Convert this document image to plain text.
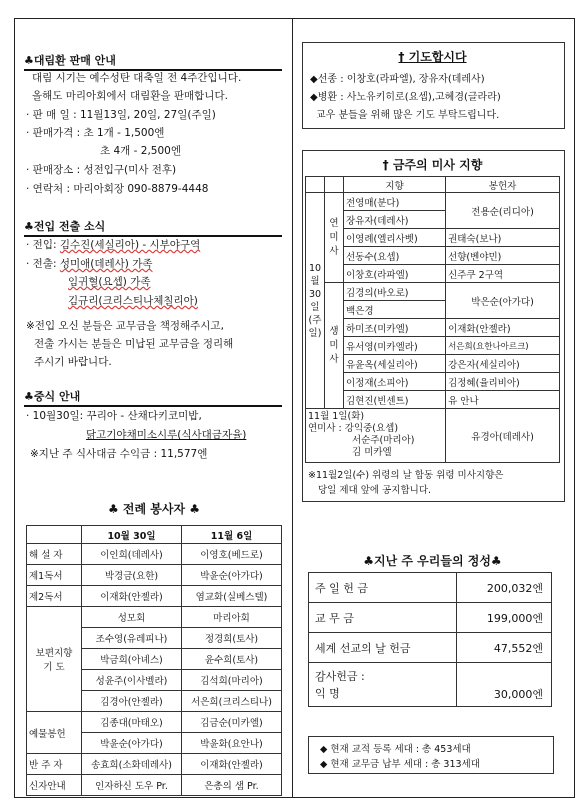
♣대림환 판매 안내
대림 시기는 예수성탄 대축일 전 4주간입니다.
올해도 마리아회에서 대림환을 판매합니다.
· 판 매 일 : 11월13일, 20일, 27일(주일)
· 판매가격 : 초 1개 - 1,500엔
초 4개 - 2,500엔
· 판매장소 : 성전입구(미사 전후)
· 연락처 : 마리아회장 090-8879-4448
♣전입 전출 소식
· 전입: 김수진(세실리아) - 시부야구역
· 전출: 성미애(데레사) 가족
임귀혈(요셉) 가족
김규리(크리스티나체칠리아)
※전입 오신 분들은 교무금을 책정해주시고,
전출 가시는 분들은 미납된 교무금을 정리해
주시기 바랍니다.
♣중식 안내
· 10월30일: 꾸리아 - 산채다키코미밥,
닭고기야채미소시루(식사대금자율)
※지난 주 식사대금 수익금 : 11,577엔
♣ 전례 봉사자 ♣
	10월 30일	11월 6일
해 설 자	이인희(데레사)	이영호(베드로)
제1독서	박경금(요한)	박윤순(아가다)
제2독서	이재화(안젤라)	염교화(실베스텔)
보편지향
기 도	성모회	마리아회
	조수영(유레피나)	정경희(토사)
	박금희(아녜스)	윤수희(토사)
	성윤주(이사벨라)	김석희(마리아)
	김경아(안젤라)	서은희(크리스티나)
예물봉헌	김종대(마태오)	김금순(미카엘)
	박윤순(아가다)	박윤화(요안나)
반 주 자	송효희(소화데레사)	이재화(안젤라)
신자안내	인자하신 도우 Pr.	은총의 샘 Pr.
† 기도합시다
◆선종 : 이창호(라파엘), 장유자(데레사)
◆병환 : 사노유키히로(요셉),고혜경(글라라)
교우 분들을 위해 많은 기도 부탁드립니다.
† 금주의 미사 지향
		지향	봉헌자
10월30일(주일)	연미사	전영매(분다)	전용순(리디아)
		장유자(데레사)	
		이영례(엘리사벳)	권태숙(보나)
		선동수(요셉)	선향(벤야민)
		이창호(라파엘)	신주쿠 2구역
	생미사	김경의(바오로)	박은순(아가다)
		백은경	
		하미조(미카엘)	이재화(안젤라)
		유서영(미카엘라)	서은희(요한나아르크)
		유윤옥(세실리아)	강은자(세실리아)
		이정재(소피아)	김정혜(율리비아)
		김현진(빈센트)	유 안나

11월 1일(화)
연미사 : 강익중(요셉)
서순주(마리아)
김 미카엘			유경아(데레사)
※11월2일(수) 위령의 날 합동 위령 미사지향은
당일 제대 앞에 공지합니다.
♣지난 주 우리들의 정성♣
주 일 헌 금	200,032엔
교 무 금	199,000엔
세계 선교의 날 헌금	47,552엔

감사헌금 :
익 명	30,000엔
◆ 현재 교적 등록 세대 : 총 453세대
◆ 현재 교무금 납부 세대 : 총 313세대
